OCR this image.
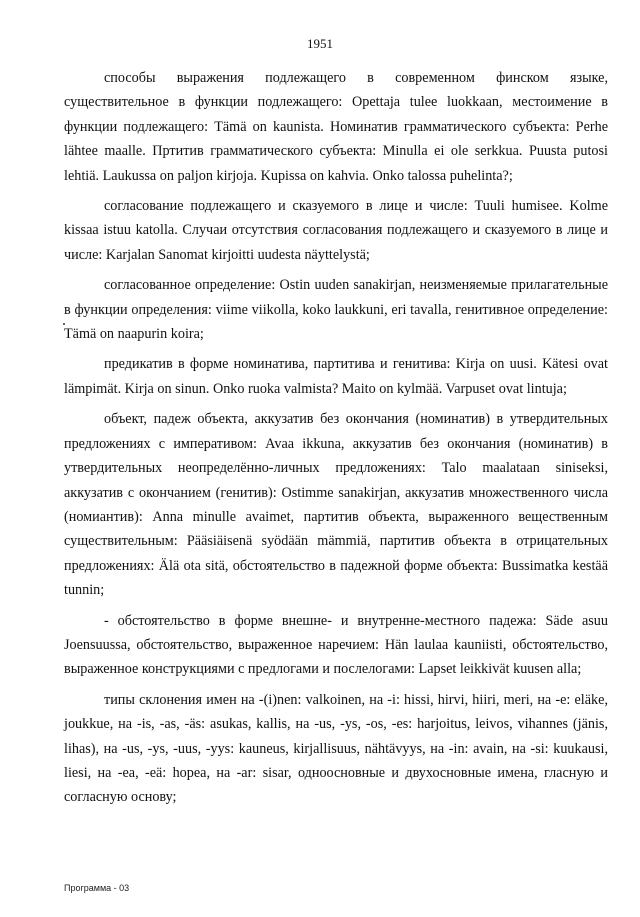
1951

способы выражения подлежащего в современном финском языке, существительное в функции подлежащего: Opettaja tulee luokkaan, местоимение в функции подлежащего: Tämä on kaunista. Номинатив грамматического субъекта: Perhe lähtee maalle. Пртитив грамматического субъекта: Minulla ei ole serkkua. Puusta putosi lehtiä. Laukussa on paljon kirjoja. Kupissa on kahvia. Onko talossa puhelinta?;

согласование подлежащего и сказуемого в лице и числе: Tuuli humisee. Kolme kissaa istuu katolla. Случаи отсутствия согласования подлежащего и сказуемого в лице и числе: Karjalan Sanomat kirjoitti uudesta näyttelystä;

согласованное определение: Ostin uuden sanakirjan, неизменяемые прилагательные в функции определения: viime viikolla, koko laukkuni, eri tavalla, генитивное определение: Tämä on naapurin koira;

предикатив в форме номинатива, партитива и генитива: Kirja on uusi. Kätesi ovat lämpimät. Kirja on sinun. Onko ruoka valmista? Maito on kylmää. Varpuset ovat lintuja;

объект, падеж объекта, аккузатив без окончания (номинатив) в утвердительных предложениях с императивом: Avaa ikkuna, аккузатив без окончания (номинатив) в утвердительных неопределённо-личных предложениях: Talo maalataan siniseksi, аккузатив с окончанием (генитив): Ostimme sanakirjan, аккузатив множественного числа (номиантив): Anna minulle avaimet, партитив объекта, выраженного вещественным существительным: Pääsiäisenä syödään mämmiä, партитив объекта в отрицательных предложениях: Älä ota sitä, обстоятельство в падежной форме объекта: Bussimatka kestää tunnin;

- обстоятельство в форме внешне- и внутренне-местного падежа: Säde asuu Joensuussa, обстоятельство, выраженное наречием: Hän laulaa kauniisti, обстоятельство, выраженное конструкциями с предлогами и послелогами: Lapset leikkivät kuusen alla;

типы склонения имен на -(i)nen: valkoinen, на -i: hissi, hirvi, hiiri, meri, на -e: eläke, joukkue, на -is, -as, -äs: asukas, kallis, на -us, -ys, -os, -es: harjoitus, leivos, vihannes (jänis, lihas), на -us, -ys, -uus, -yys: kauneus, kirjallisuus, nähtävyys, на -in: avain, на -si: kuukausi, liesi, на -ea, -eä: hopea, на -ar: sisar, одноосновные и двухосновные имена, гласную и согласную основу;

Программа - 03
